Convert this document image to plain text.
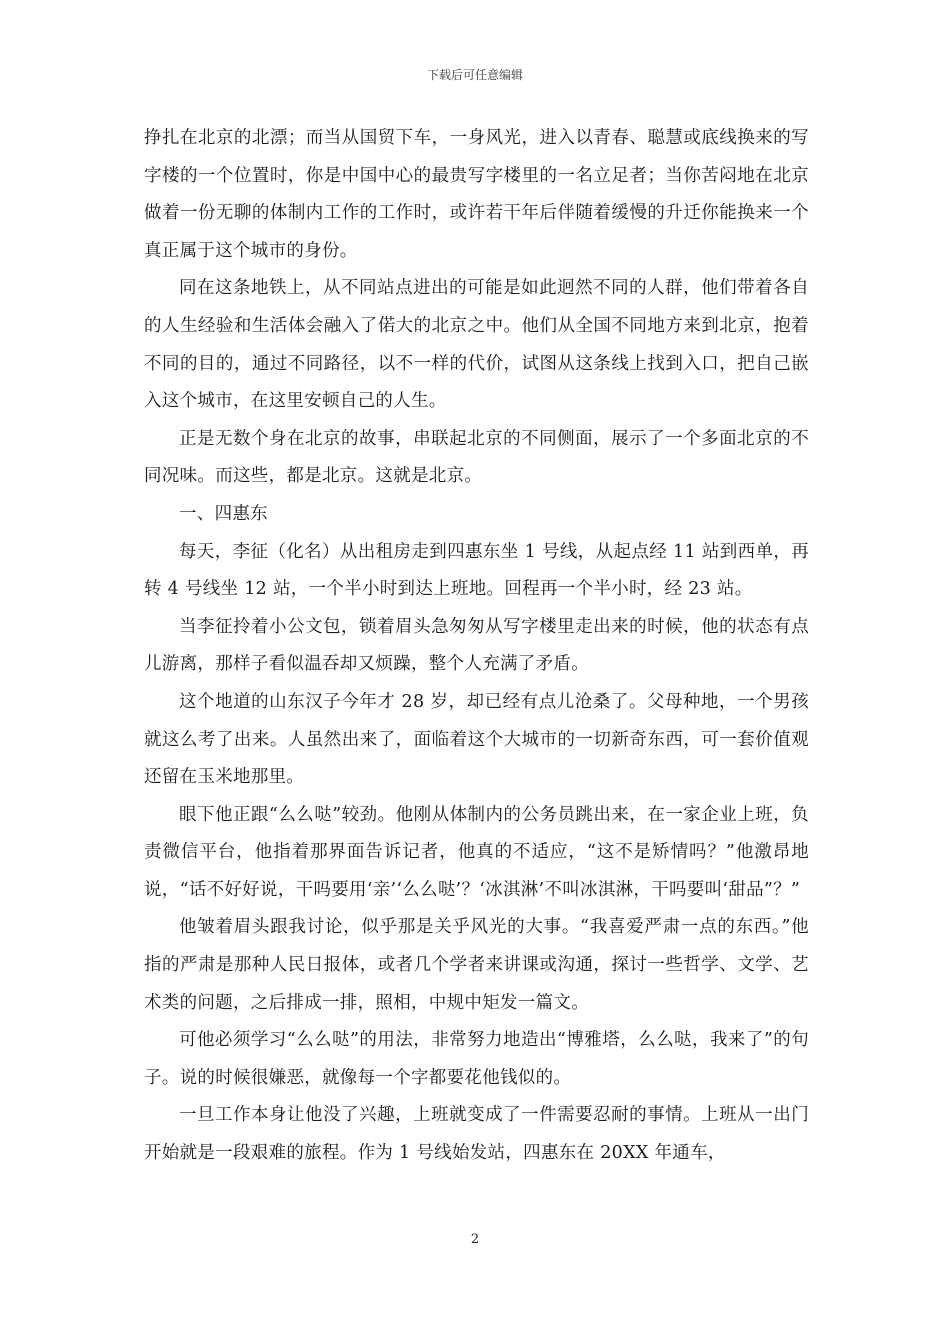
下载后可任意编辑

挣扎在北京的北漂；而当从国贸下车，一身风光，进入以青春、聪慧或底线换来的写字楼的一个位置时，你是中国中心的最贵写字楼里的一名立足者；当你苦闷地在北京做着一份无聊的体制内工作的工作时，或许若干年后伴随着缓慢的升迁你能换来一个真正属于这个城市的身份。

同在这条地铁上，从不同站点进出的可能是如此迥然不同的人群，他们带着各自的人生经验和生活体会融入了偌大的北京之中。他们从全国不同地方来到北京，抱着不同的目的，通过不同路径，以不一样的代价，试图从这条线上找到入口，把自己嵌入这个城市，在这里安顿自己的人生。

正是无数个身在北京的故事，串联起北京的不同侧面，展示了一个多面北京的不同况味。而这些，都是北京。这就是北京。

一、四惠东

每天，李征（化名）从出租房走到四惠东坐 1 号线，从起点经 11 站到西单，再转 4 号线坐 12 站，一个半小时到达上班地。回程再一个半小时，经 23 站。

当李征拎着小公文包，锁着眉头急匆匆从写字楼里走出来的时候，他的状态有点儿游离，那样子看似温吞却又烦躁，整个人充满了矛盾。

这个地道的山东汉子今年才 28 岁，却已经有点儿沧桑了。父母种地，一个男孩就这么考了出来。人虽然出来了，面临着这个大城市的一切新奇东西，可一套价值观还留在玉米地那里。

眼下他正跟“么么哒”较劲。他刚从体制内的公务员跳出来，在一家企业上班，负责微信平台，他指着那界面告诉记者，他真的不适应，“这不是矫情吗？”他激昂地说，“话不好好说，干吗要用‘亲’‘么么哒’？‘冰淇淋’不叫冰淇淋，干吗要叫‘甜品”？”

他皱着眉头跟我讨论，似乎那是关乎风光的大事。“我喜爱严肃一点的东西。”他指的严肃是那种人民日报体，或者几个学者来讲课或沟通，探讨一些哲学、文学、艺术类的问题，之后排成一排，照相，中规中矩发一篇文。

可他必须学习“么么哒”的用法，非常努力地造出“博雅塔，么么哒，我来了”的句子。说的时候很嫌恶，就像每一个字都要花他钱似的。

一旦工作本身让他没了兴趣，上班就变成了一件需要忍耐的事情。上班从一出门开始就是一段艰难的旅程。作为 1 号线始发站，四惠东在 20XX 年通车，

2
